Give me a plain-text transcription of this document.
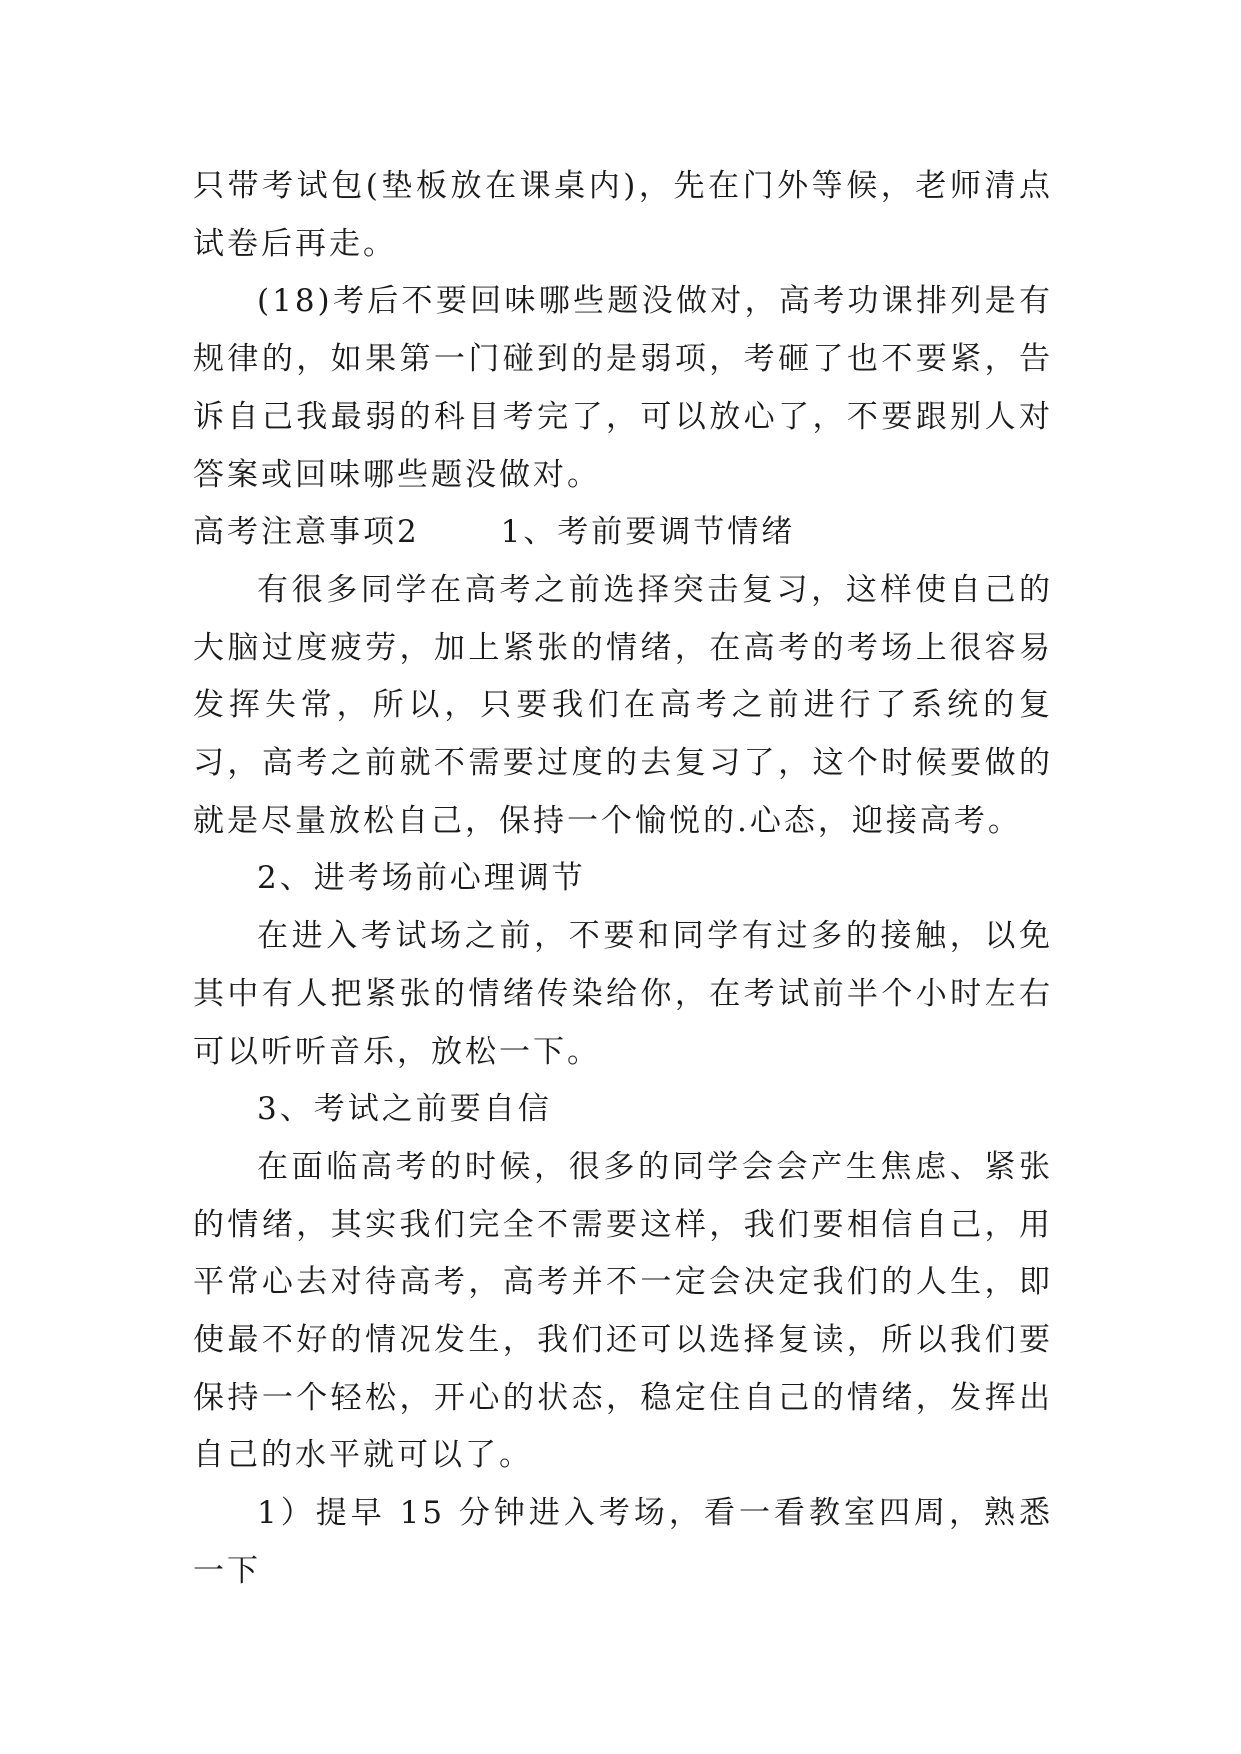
只带考试包(垫板放在课桌内)，先在门外等候，老师清点试卷后再走。

(18)考后不要回味哪些题没做对，高考功课排列是有规律的，如果第一门碰到的是弱项，考砸了也不要紧，告诉自己我最弱的科目考完了，可以放心了，不要跟别人对答案或回味哪些题没做对。

高考注意事项2　　 1、考前要调节情绪

有很多同学在高考之前选择突击复习，这样使自己的大脑过度疲劳，加上紧张的情绪，在高考的考场上很容易发挥失常，所以，只要我们在高考之前进行了系统的复习，高考之前就不需要过度的去复习了，这个时候要做的就是尽量放松自己，保持一个愉悦的.心态，迎接高考。

2、进考场前心理调节

在进入考试场之前，不要和同学有过多的接触，以免其中有人把紧张的情绪传染给你，在考试前半个小时左右可以听听音乐，放松一下。

3、考试之前要自信

在面临高考的时候，很多的同学会会产生焦虑、紧张的情绪，其实我们完全不需要这样，我们要相信自己，用平常心去对待高考，高考并不一定会决定我们的人生，即使最不好的情况发生，我们还可以选择复读，所以我们要保持一个轻松，开心的状态，稳定住自己的情绪，发挥出自己的水平就可以了。

1）提早 15 分钟进入考场，看一看教室四周，熟悉一下
